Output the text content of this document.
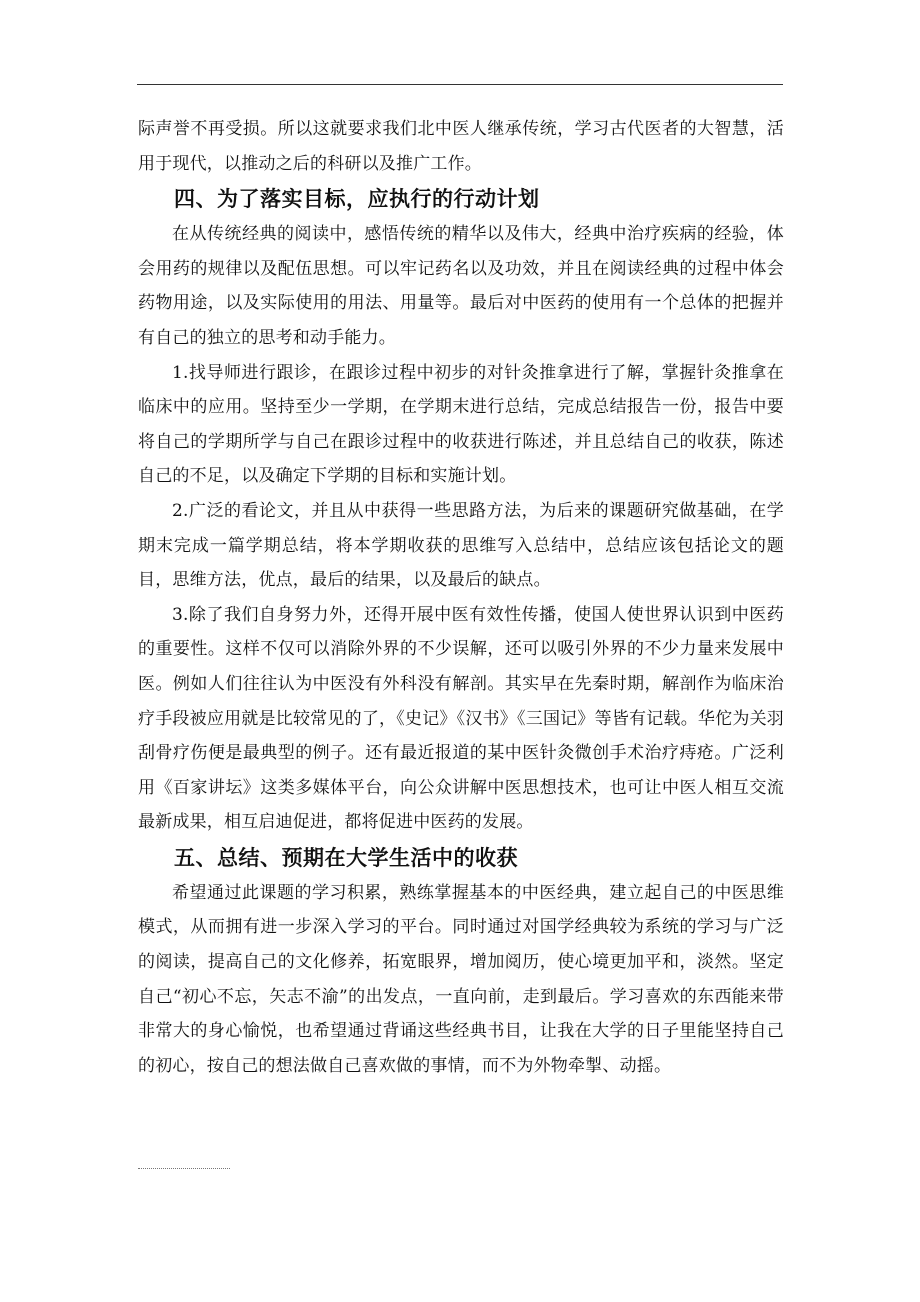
际声誉不再受损。所以这就要求我们北中医人继承传统，学习古代医者的大智慧，活用于现代，以推动之后的科研以及推广工作。

四、为了落实目标，应执行的行动计划

在从传统经典的阅读中，感悟传统的精华以及伟大，经典中治疗疾病的经验，体会用药的规律以及配伍思想。可以牢记药名以及功效，并且在阅读经典的过程中体会药物用途，以及实际使用的用法、用量等。最后对中医药的使用有一个总体的把握并有自己的独立的思考和动手能力。

1.找导师进行跟诊，在跟诊过程中初步的对针灸推拿进行了解，掌握针灸推拿在临床中的应用。坚持至少一学期，在学期末进行总结，完成总结报告一份，报告中要将自己的学期所学与自己在跟诊过程中的收获进行陈述，并且总结自己的收获，陈述自己的不足，以及确定下学期的目标和实施计划。

2.广泛的看论文，并且从中获得一些思路方法，为后来的课题研究做基础，在学期末完成一篇学期总结，将本学期收获的思维写入总结中，总结应该包括论文的题目，思维方法，优点，最后的结果，以及最后的缺点。

3.除了我们自身努力外，还得开展中医有效性传播，使国人使世界认识到中医药的重要性。这样不仅可以消除外界的不少误解，还可以吸引外界的不少力量来发展中医。例如人们往往认为中医没有外科没有解剖。其实早在先秦时期，解剖作为临床治疗手段被应用就是比较常见的了，《史记》《汉书》《三国记》等皆有记载。华佗为关羽刮骨疗伤便是最典型的例子。还有最近报道的某中医针灸微创手术治疗痔疮。广泛利用《百家讲坛》这类多媒体平台，向公众讲解中医思想技术，也可让中医人相互交流最新成果，相互启迪促进，都将促进中医药的发展。

五、总结、预期在大学生活中的收获

希望通过此课题的学习积累，熟练掌握基本的中医经典，建立起自己的中医思维模式，从而拥有进一步深入学习的平台。同时通过对国学经典较为系统的学习与广泛的阅读，提高自己的文化修养，拓宽眼界，增加阅历，使心境更加平和，淡然。坚定自己“初心不忘，矢志不渝”的出发点，一直向前，走到最后。学习喜欢的东西能来带非常大的身心愉悦，也希望通过背诵这些经典书目，让我在大学的日子里能坚持自己的初心，按自己的想法做自己喜欢做的事情，而不为外物牵掣、动摇。
